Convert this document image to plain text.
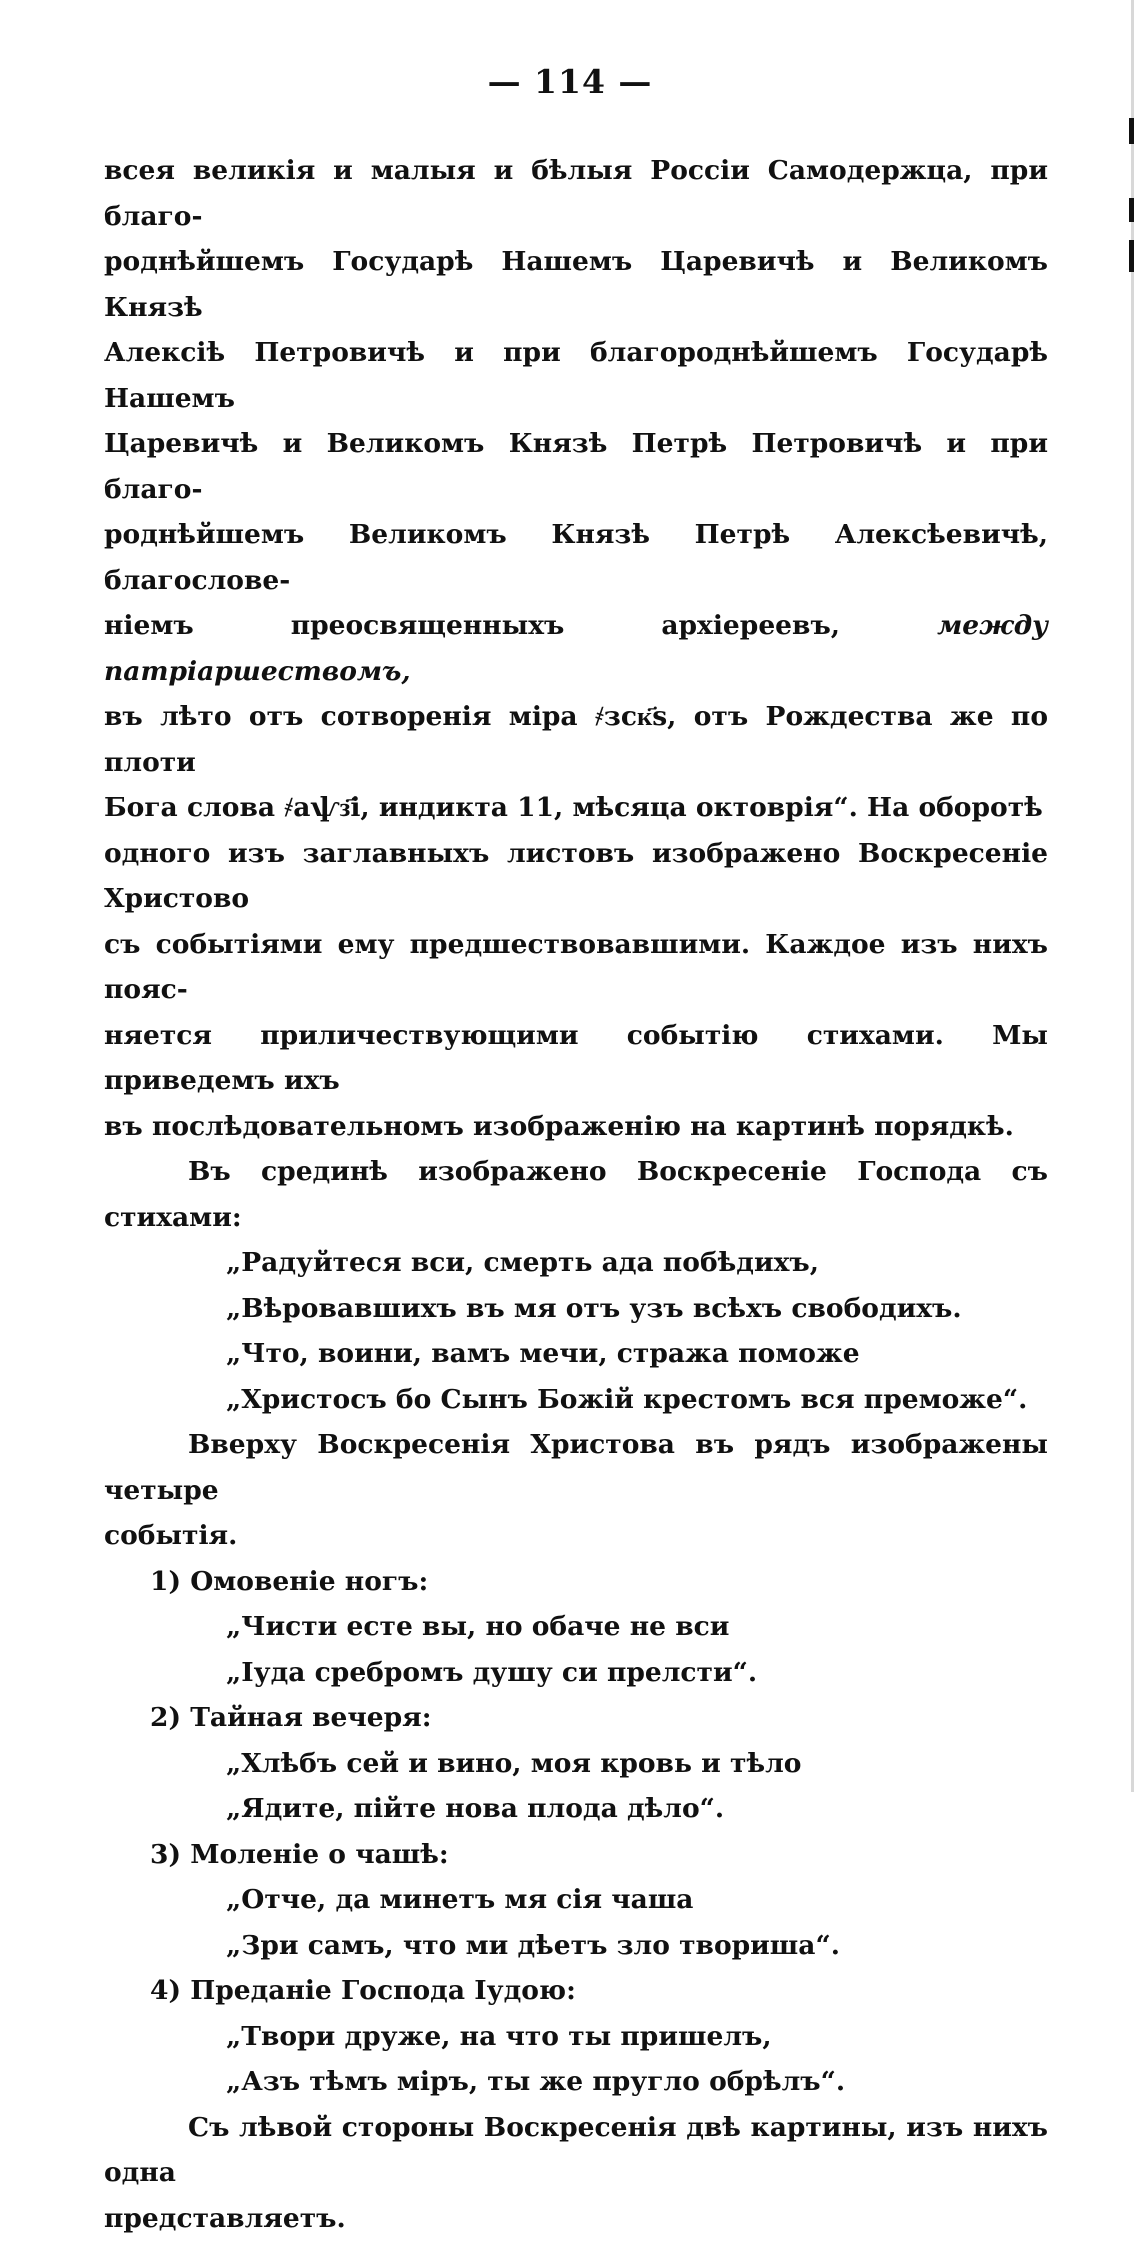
— 114 —

всея великія и малыя и бѣлыя Россіи Самодержца, при благо-
роднѣйшемъ Государѣ Нашемъ Царевичѣ и Великомъ Князѣ
Алексіѣ Петровичѣ и при благороднѣйшемъ Государѣ Нашемъ
Царевичѣ и Великомъ Князѣ Петрѣ Петровичѣ и при благо-
роднѣйшемъ Великомъ Князѣ Петрѣ Алексѣевичѣ, благослове-
ніемъ преосвященныхъ архіереевъ,	между патріаршествомъ,
въ лѣто отъ сотворенія міра ҂зск҃ѕ, отъ Рождества же по плоти
Бога слова ҂аѱз҃і, индикта 11, мѣсяца октоврія“. На оборотѣ
одного изъ заглавныхъ листовъ изображено Воскресеніе Христово
съ событіями ему предшествовавшими. Каждое изъ нихъ пояс-
няется приличествующими событію стихами. Мы приведемъ ихъ
въ послѣдовательномъ изображенію на картинѣ порядкѣ.

Въ срединѣ изображено Воскресеніе Господа съ стихами:

„Радуйтеся вси, смерть ада побѣдихъ,

„Вѣровавшихъ въ мя отъ узъ всѣхъ свободихъ.

„Что, воини, вамъ мечи, стража поможе

„Христосъ бо Сынъ Божій крестомъ вся преможе“.

Вверху Воскресенія Христова въ рядъ изображены четыре
событія.

1) Омовеніе ногъ:

„Чисти есте вы, но обаче не вси

„Іуда сребромъ душу си прелсти“.

2) Тайная вечеря:

„Хлѣбъ сей и вино, моя кровь и тѣло

„Ядите, пійте нова плода дѣло“.

3) Моленіе о чашѣ:

„Отче, да минетъ мя сія чаша

„Зри самъ, что ми дѣетъ зло твориша“.

4) Преданіе Господа Іудою:

„Твори друже, на что ты пришелъ,

„Азъ тѣмъ міръ, ты же пругло обрѣлъ“.

Съ лѣвой стороны Воскресенія двѣ картины, изъ нихъ одна
представляетъ.
